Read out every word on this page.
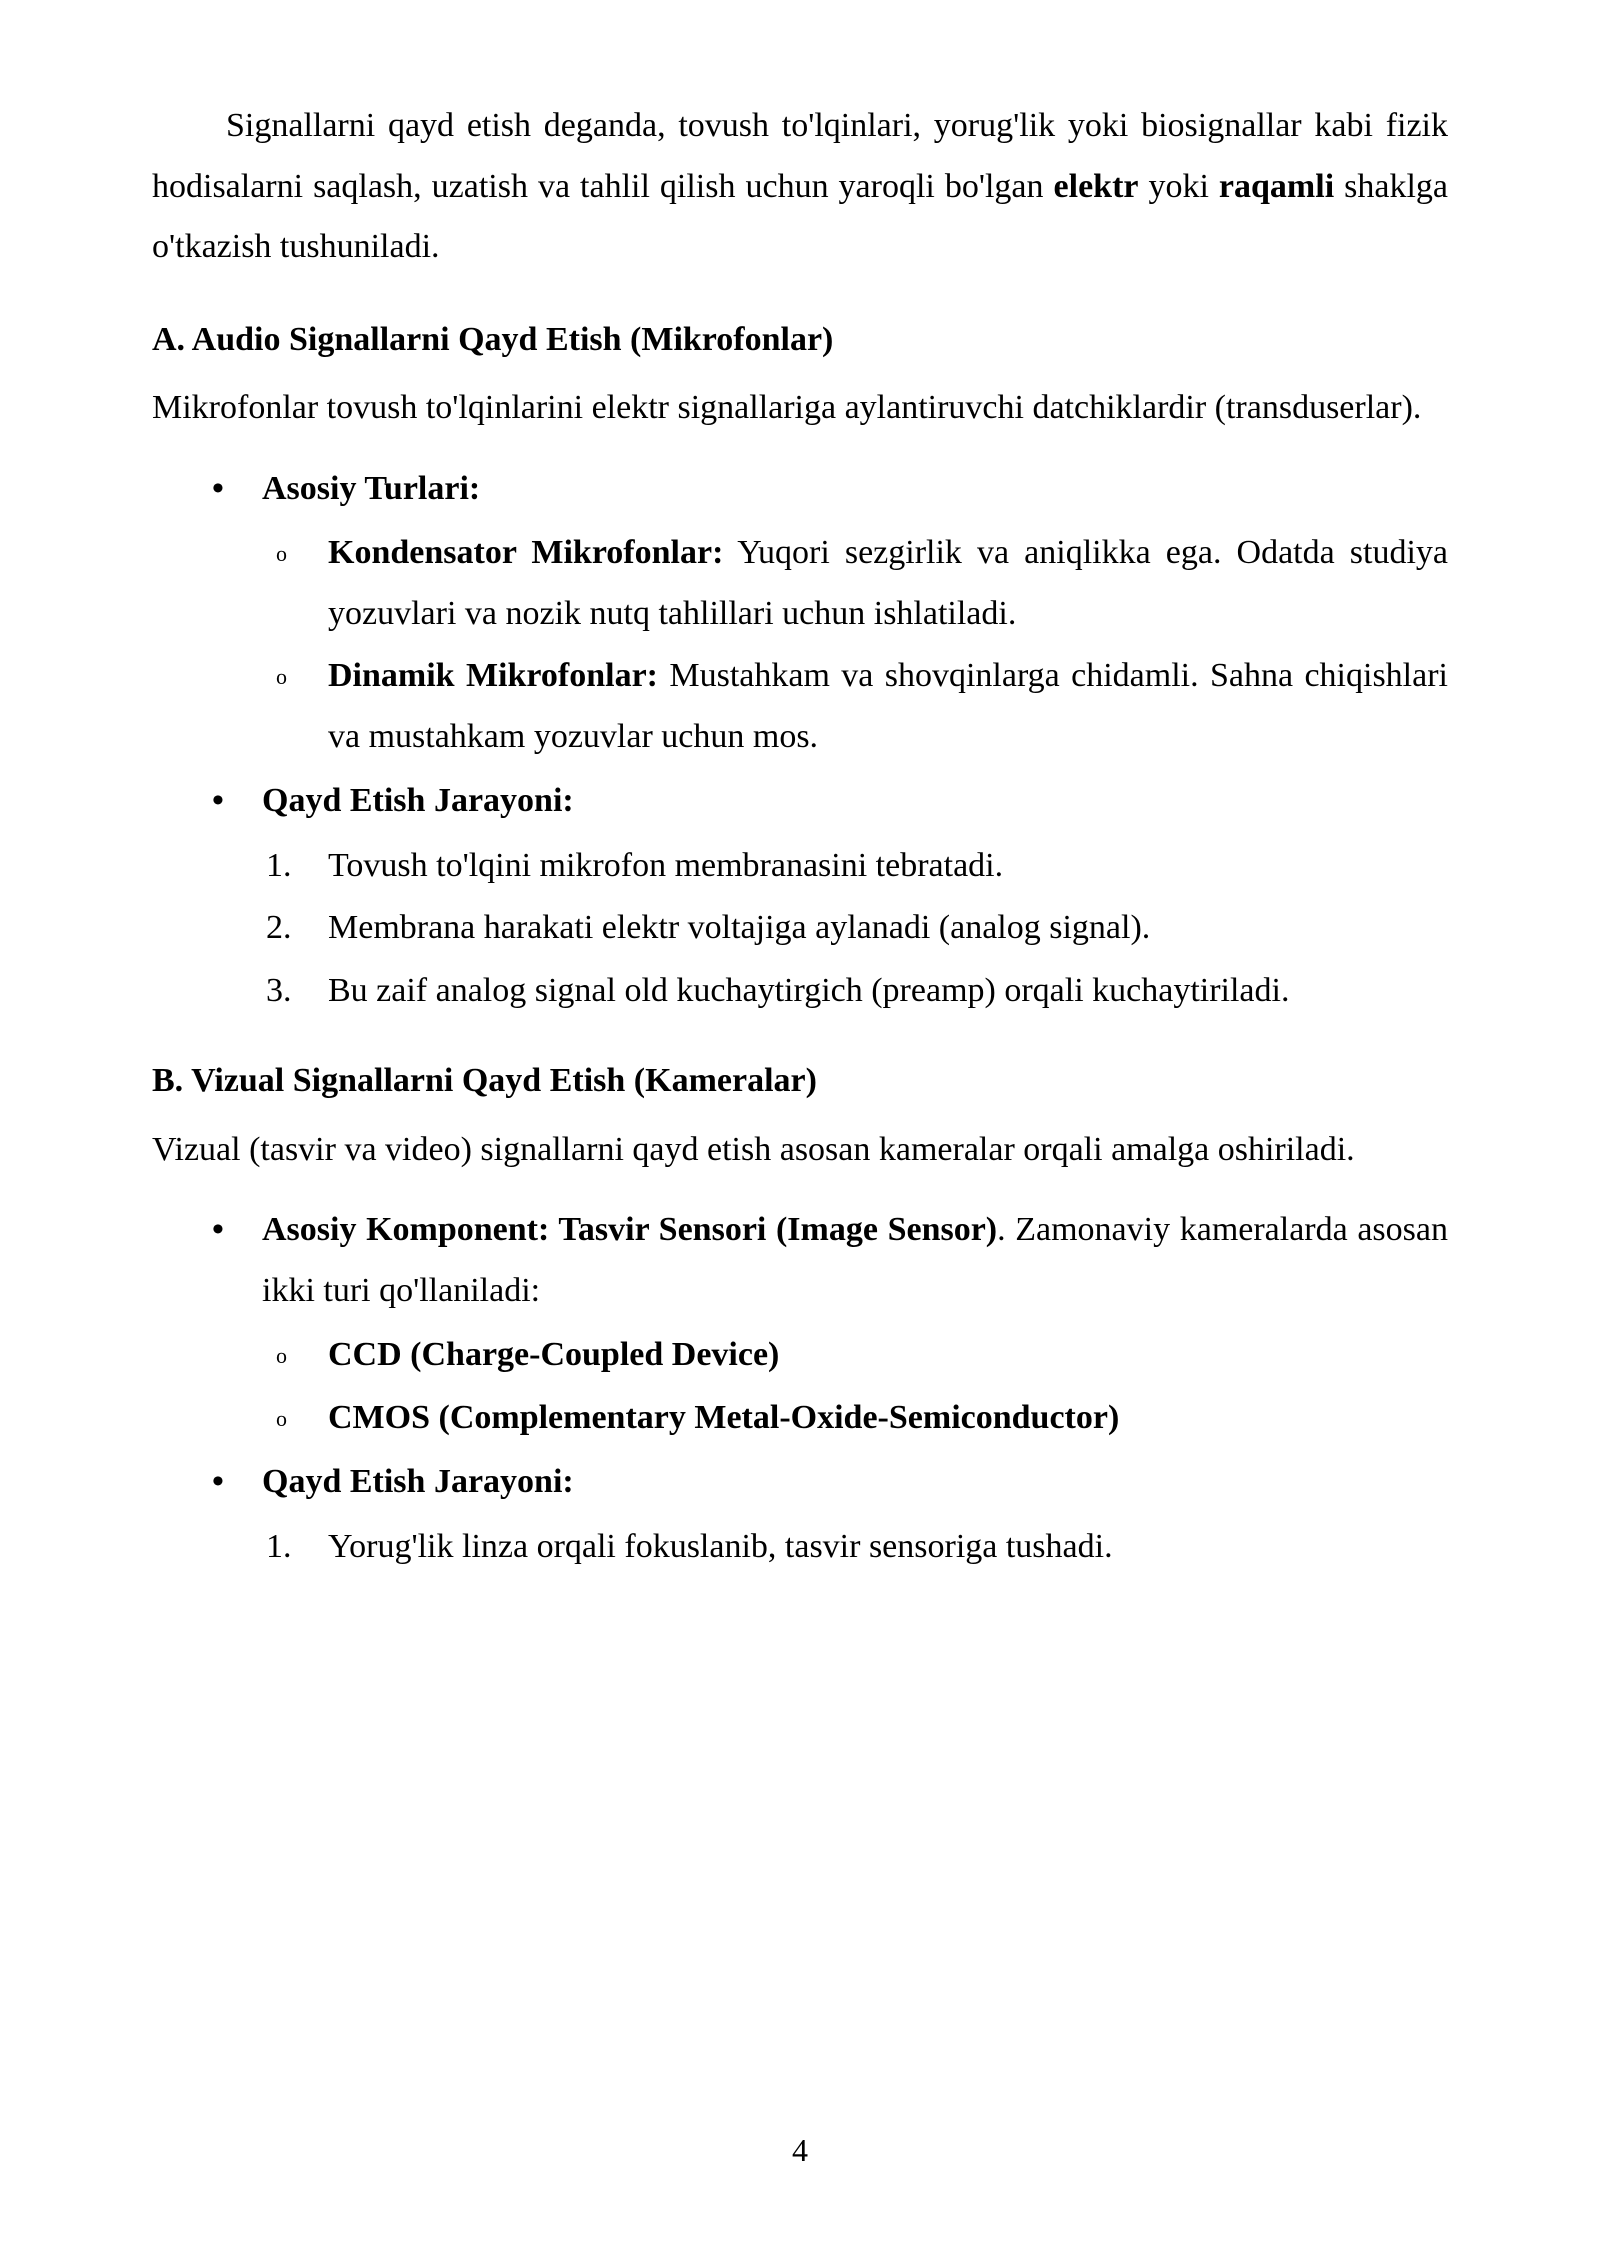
Signallarni qayd etish deganda, tovush to'lqinlari, yorug'lik yoki biosignallar kabi fizik hodisalarni saqlash, uzatish va tahlil qilish uchun yaroqli bo'lgan elektr yoki raqamli shaklga o'tkazish tushuniladi.

A. Audio Signallarni Qayd Etish (Mikrofonlar)

Mikrofonlar tovush to'lqinlarini elektr signallariga aylantiruvchi datchiklardir (transduserlar).

• Asosiy Turlari:
o Kondensator Mikrofonlar: Yuqori sezgirlik va aniqlikka ega. Odatda studiya yozuvlari va nozik nutq tahlillari uchun ishlatiladi.
o Dinamik Mikrofonlar: Mustahkam va shovqinlarga chidamli. Sahna chiqishlari va mustahkam yozuvlar uchun mos.
• Qayd Etish Jarayoni:
1.	Tovush to'lqini mikrofon membranasini tebratadi.
2.	Membrana harakati elektr voltajiga aylanadi (analog signal).
3.	Bu zaif analog signal old kuchaytirgich (preamp) orqali kuchaytiriladi.

B. Vizual Signallarni Qayd Etish (Kameralar)

Vizual (tasvir va video) signallarni qayd etish asosan kameralar orqali amalga oshiriladi.

• Asosiy Komponent: Tasvir Sensori (Image Sensor). Zamonaviy kameralarda asosan ikki turi qo'llaniladi:
o CCD (Charge-Coupled Device)
o CMOS (Complementary Metal-Oxide-Semiconductor)
• Qayd Etish Jarayoni:
1.	Yorug'lik linza orqali fokuslanib, tasvir sensoriga tushadi.
4
